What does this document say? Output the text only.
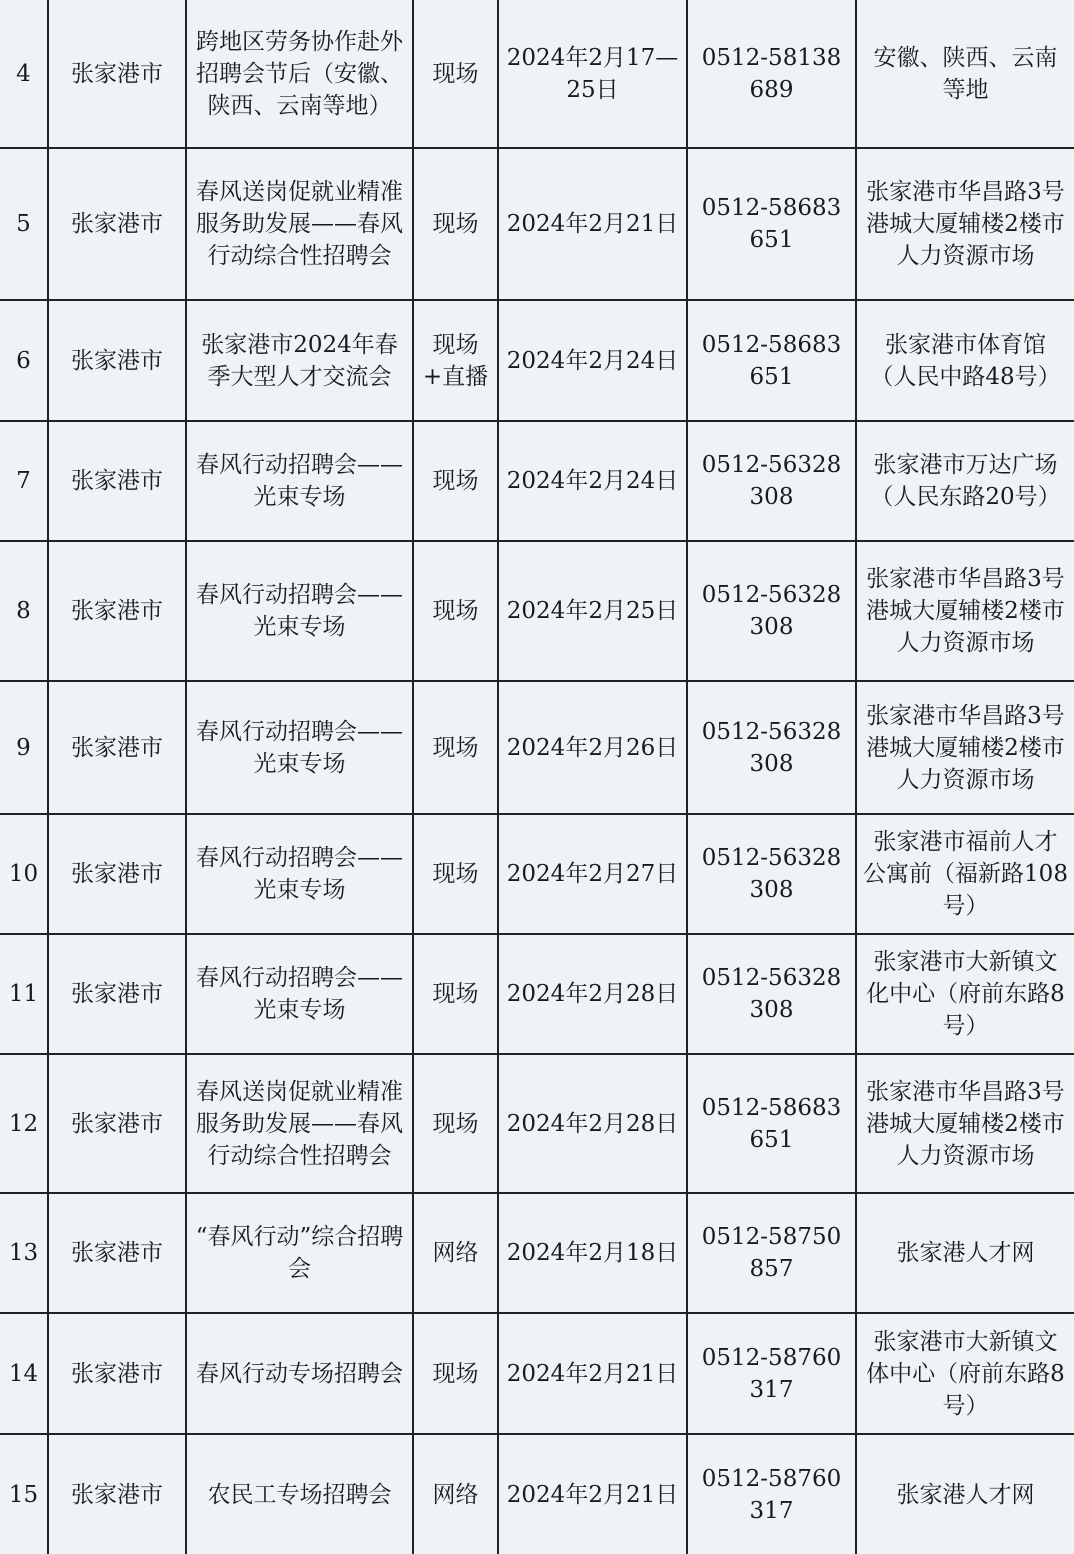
4	张家港市	跨地区劳务协作赴外招聘会节后（安徽、陕西、云南等地）	现场	2024年2月17—25日	0512-58138689	安徽、陕西、云南等地
5	张家港市	春风送岗促就业精准服务助发展——春风行动综合性招聘会	现场	2024年2月21日	0512-58683651	张家港市华昌路3号港城大厦辅楼2楼市人力资源市场
6	张家港市	张家港市2024年春季大型人才交流会	现场+直播	2024年2月24日	0512-58683651	张家港市体育馆（人民中路48号）
7	张家港市	春风行动招聘会——光束专场	现场	2024年2月24日	0512-56328308	张家港市万达广场（人民东路20号）
8	张家港市	春风行动招聘会——光束专场	现场	2024年2月25日	0512-56328308	张家港市华昌路3号港城大厦辅楼2楼市人力资源市场
9	张家港市	春风行动招聘会——光束专场	现场	2024年2月26日	0512-56328308	张家港市华昌路3号港城大厦辅楼2楼市人力资源市场
10	张家港市	春风行动招聘会——光束专场	现场	2024年2月27日	0512-56328308	张家港市福前人才公寓前（福新路108号）
11	张家港市	春风行动招聘会——光束专场	现场	2024年2月28日	0512-56328308	张家港市大新镇文化中心（府前东路8号）
12	张家港市	春风送岗促就业精准服务助发展——春风行动综合性招聘会	现场	2024年2月28日	0512-58683651	张家港市华昌路3号港城大厦辅楼2楼市人力资源市场
13	张家港市	“春风行动”综合招聘会	网络	2024年2月18日	0512-58750857	张家港人才网
14	张家港市	春风行动专场招聘会	现场	2024年2月21日	0512-58760317	张家港市大新镇文体中心（府前东路8号）
15	张家港市	农民工专场招聘会	网络	2024年2月21日	0512-58760317	张家港人才网
